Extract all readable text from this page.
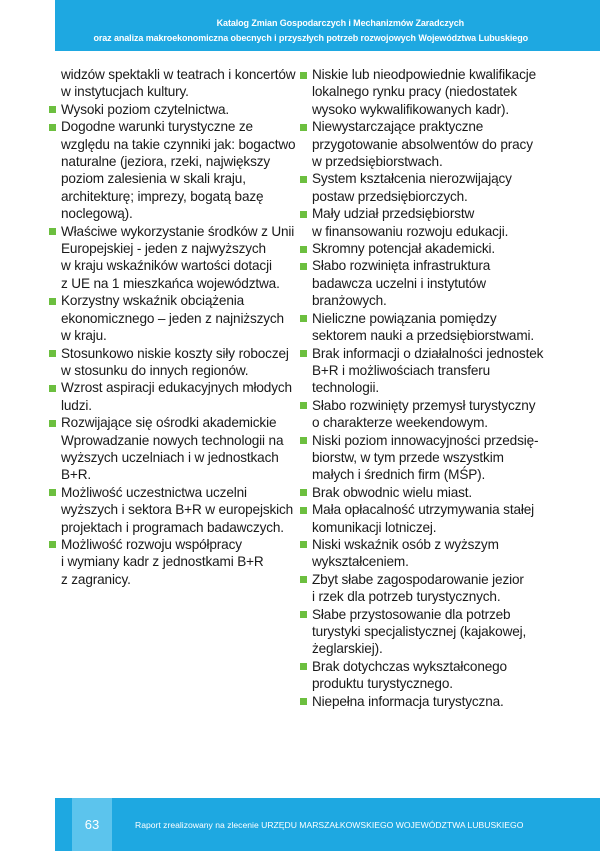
Katalog Zmian Gospodarczych i Mechanizmów Zaradczych
oraz analiza makroekonomiczna obecnych i przyszłych potrzeb rozwojowych Województwa Lubuskiego
widzów spektakli w teatrach i koncertów
w instytucjach kultury.
Wysoki poziom czytelnictwa.
Dogodne warunki turystyczne ze
względu na takie czynniki jak: bogactwo
naturalne (jeziora, rzeki, największy
poziom zalesienia w skali kraju,
architekturę; imprezy, bogatą bazę
noclegową).
Właściwe wykorzystanie środków z Unii
Europejskiej - jeden z najwyższych
w kraju wskaźników wartości dotacji
z UE na 1 mieszkańca województwa.
Korzystny wskaźnik obciążenia
ekonomicznego – jeden z najniższych
w kraju.
Stosunkowo niskie koszty siły roboczej
w stosunku do innych regionów.
Wzrost aspiracji edukacyjnych młodych
ludzi.
Rozwijające się ośrodki akademickie
Wprowadzanie nowych technologii na
wyższych uczelniach i w jednostkach
B+R.
Możliwość uczestnictwa uczelni
wyższych i sektora B+R w europejskich
projektach i programach badawczych.
Możliwość rozwoju współpracy
i wymiany kadr z jednostkami B+R
z zagranicy.
Niskie lub nieodpowiednie kwalifikacje
lokalnego rynku pracy (niedostatek
wysoko wykwalifikowanych kadr).
Niewystarczające praktyczne
przygotowanie absolwentów do pracy
w przedsiębiorstwach.
System kształcenia nierozwijający
postaw przedsiębiorczych.
Mały udział przedsiębiorstw
w finansowaniu rozwoju edukacji.
Skromny potencjał akademicki.
Słabo rozwinięta infrastruktura
badawcza uczelni i instytutów
branżowych.
Nieliczne powiązania pomiędzy
sektorem nauki a przedsiębiorstwami.
Brak informacji o działalności jednostek
B+R i możliwościach transferu
technologii.
Słabo rozwinięty przemysł turystyczny
o charakterze weekendowym.
Niski poziom innowacyjności przedsię-
biorstw, w tym przede wszystkim
małych i średnich firm (MŚP).
Brak obwodnic wielu miast.
Mała opłacalność utrzymywania stałej
komunikacji lotniczej.
Niski wskaźnik osób z wyższym
wykształceniem.
Zbyt słabe zagospodarowanie jezior
i rzek dla potrzeb turystycznych.
Słabe przystosowanie dla potrzeb
turystyki specjalistycznej (kajakowej,
żeglarskiej).
Brak dotychczas wykształconego
produktu turystycznego.
Niepełna informacja turystyczna.
63	Raport zrealizowany na zlecenie URZĘDU MARSZAŁKOWSKIEGO WOJEWÓDZTWA LUBUSKIEGO
